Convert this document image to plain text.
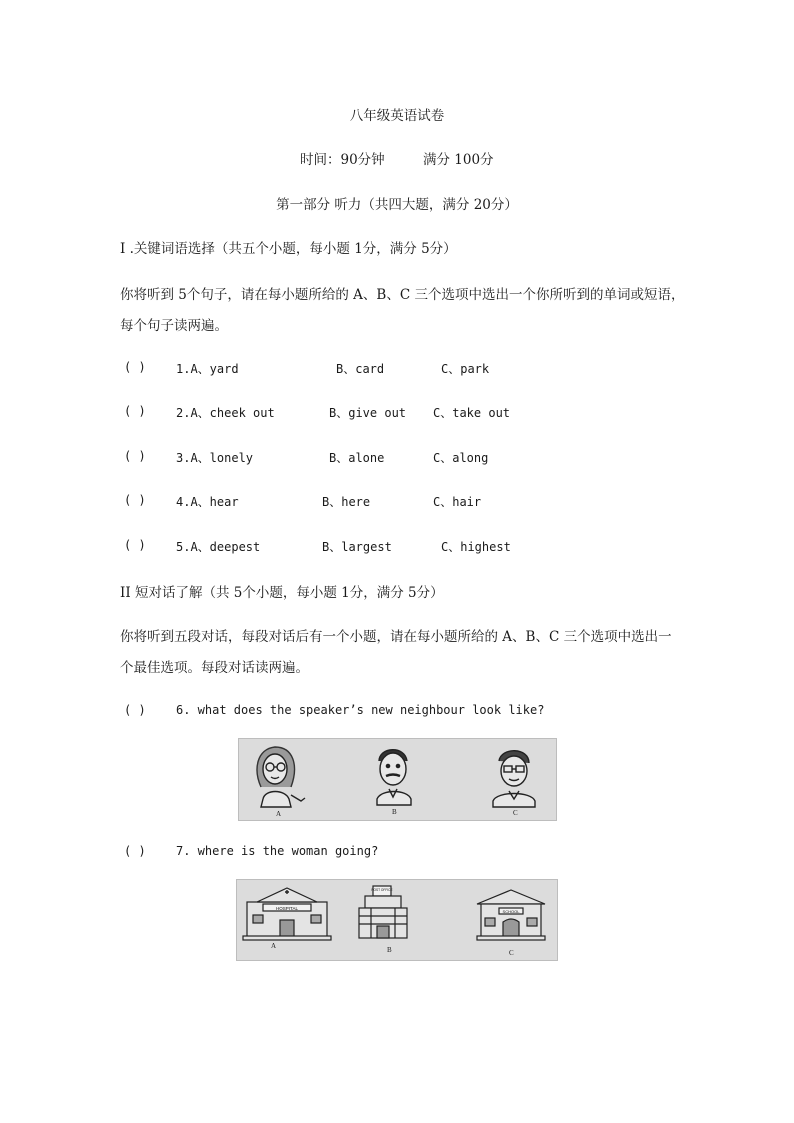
八年级英语试卷
时间：90分钟	满分 100分
第一部分 听力（共四大题，满分 20分）
I .关键词语选择（共五个小题，每小题 1分，满分 5分）
你将听到 5个句子，请在每小题所给的 A、B、C 三个选项中选出一个你所听到的单词或短语，
每个句子读两遍。
( )	1.A、yard	B、card	C、park
( )	2.A、cheek out	B、give out C、take out
( )	3.A、lonely	B、alone	C、along
( )	4.A、hear	B、here	C、hair
( )	5.A、deepest	B、largest	C、highest
II 短对话了解（共 5个小题，每小题 1分，满分 5分）
你将听到五段对话，每段对话后有一个小题，请在每小题所给的 A、B、C 三个选项中选出一
个最佳选项。每段对话读两遍。
( )	6. what does the speaker’s new neighbour look like?
A	B	C
( )	7. where is the woman going?
HOSPITAL
POST OFFICE
SCHOOL
A	B	C
